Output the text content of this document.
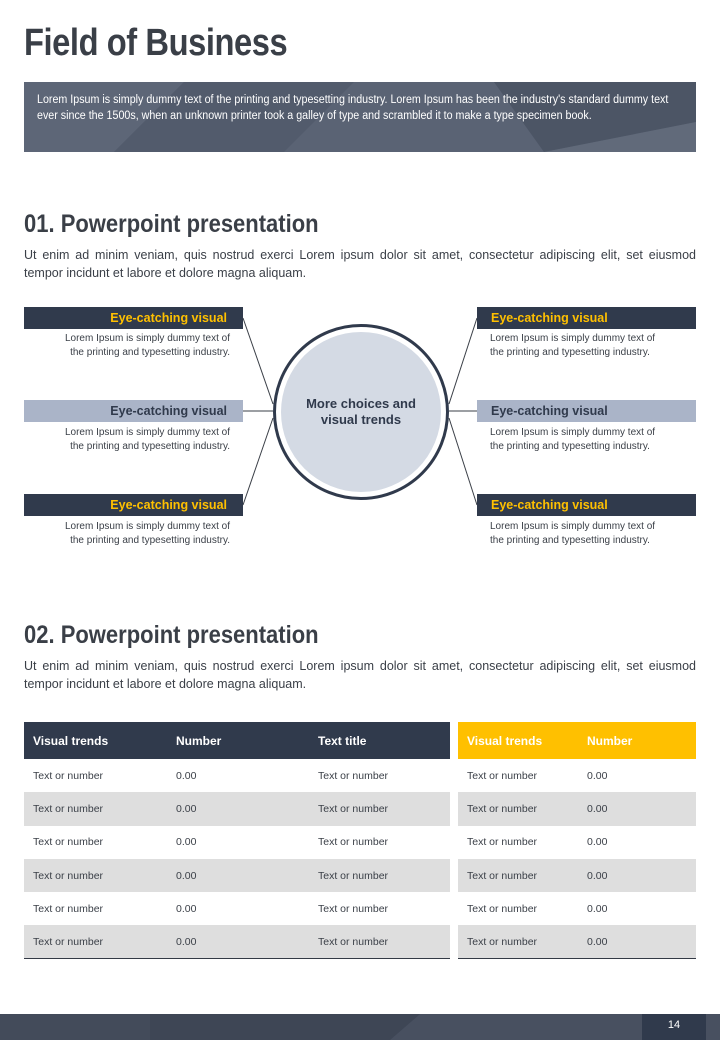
Field of Business

Lorem Ipsum is simply dummy text of the printing and typesetting industry. Lorem Ipsum has been the industry's standard dummy text ever since the 1500s, when an unknown printer took a galley of type and scrambled it to make a type specimen book.

01. Powerpoint presentation

Ut enim ad minim veniam, quis nostrud exerci Lorem ipsum dolor sit amet, consectetur adipiscing elit, set eiusmod tempor incidunt et labore et dolore magna aliquam.

Eye-catching visual

Lorem Ipsum is simply dummy text of the printing and typesetting industry.

Eye-catching visual

Lorem Ipsum is simply dummy text of the printing and typesetting industry.

Eye-catching visual

Lorem Ipsum is simply dummy text of the printing and typesetting industry.

Eye-catching visual

Lorem Ipsum is simply dummy text of the printing and typesetting industry.

Eye-catching visual

Lorem Ipsum is simply dummy text of the printing and typesetting industry.

Eye-catching visual

Lorem Ipsum is simply dummy text of the printing and typesetting industry.

More choices and visual trends
02. Powerpoint presentation

Ut enim ad minim veniam, quis nostrud exerci Lorem ipsum dolor sit amet, consectetur adipiscing elit, set eiusmod tempor incidunt et labore et dolore magna aliquam.

Visual trends	Number	Text title
Text or number	0.00	Text or number
Text or number	0.00	Text or number
Text or number	0.00	Text or number
Text or number	0.00	Text or number
Text or number	0.00	Text or number
Text or number	0.00	Text or number
Visual trends	Number
Text or number	0.00
Text or number	0.00
Text or number	0.00
Text or number	0.00
Text or number	0.00
Text or number	0.00
14
